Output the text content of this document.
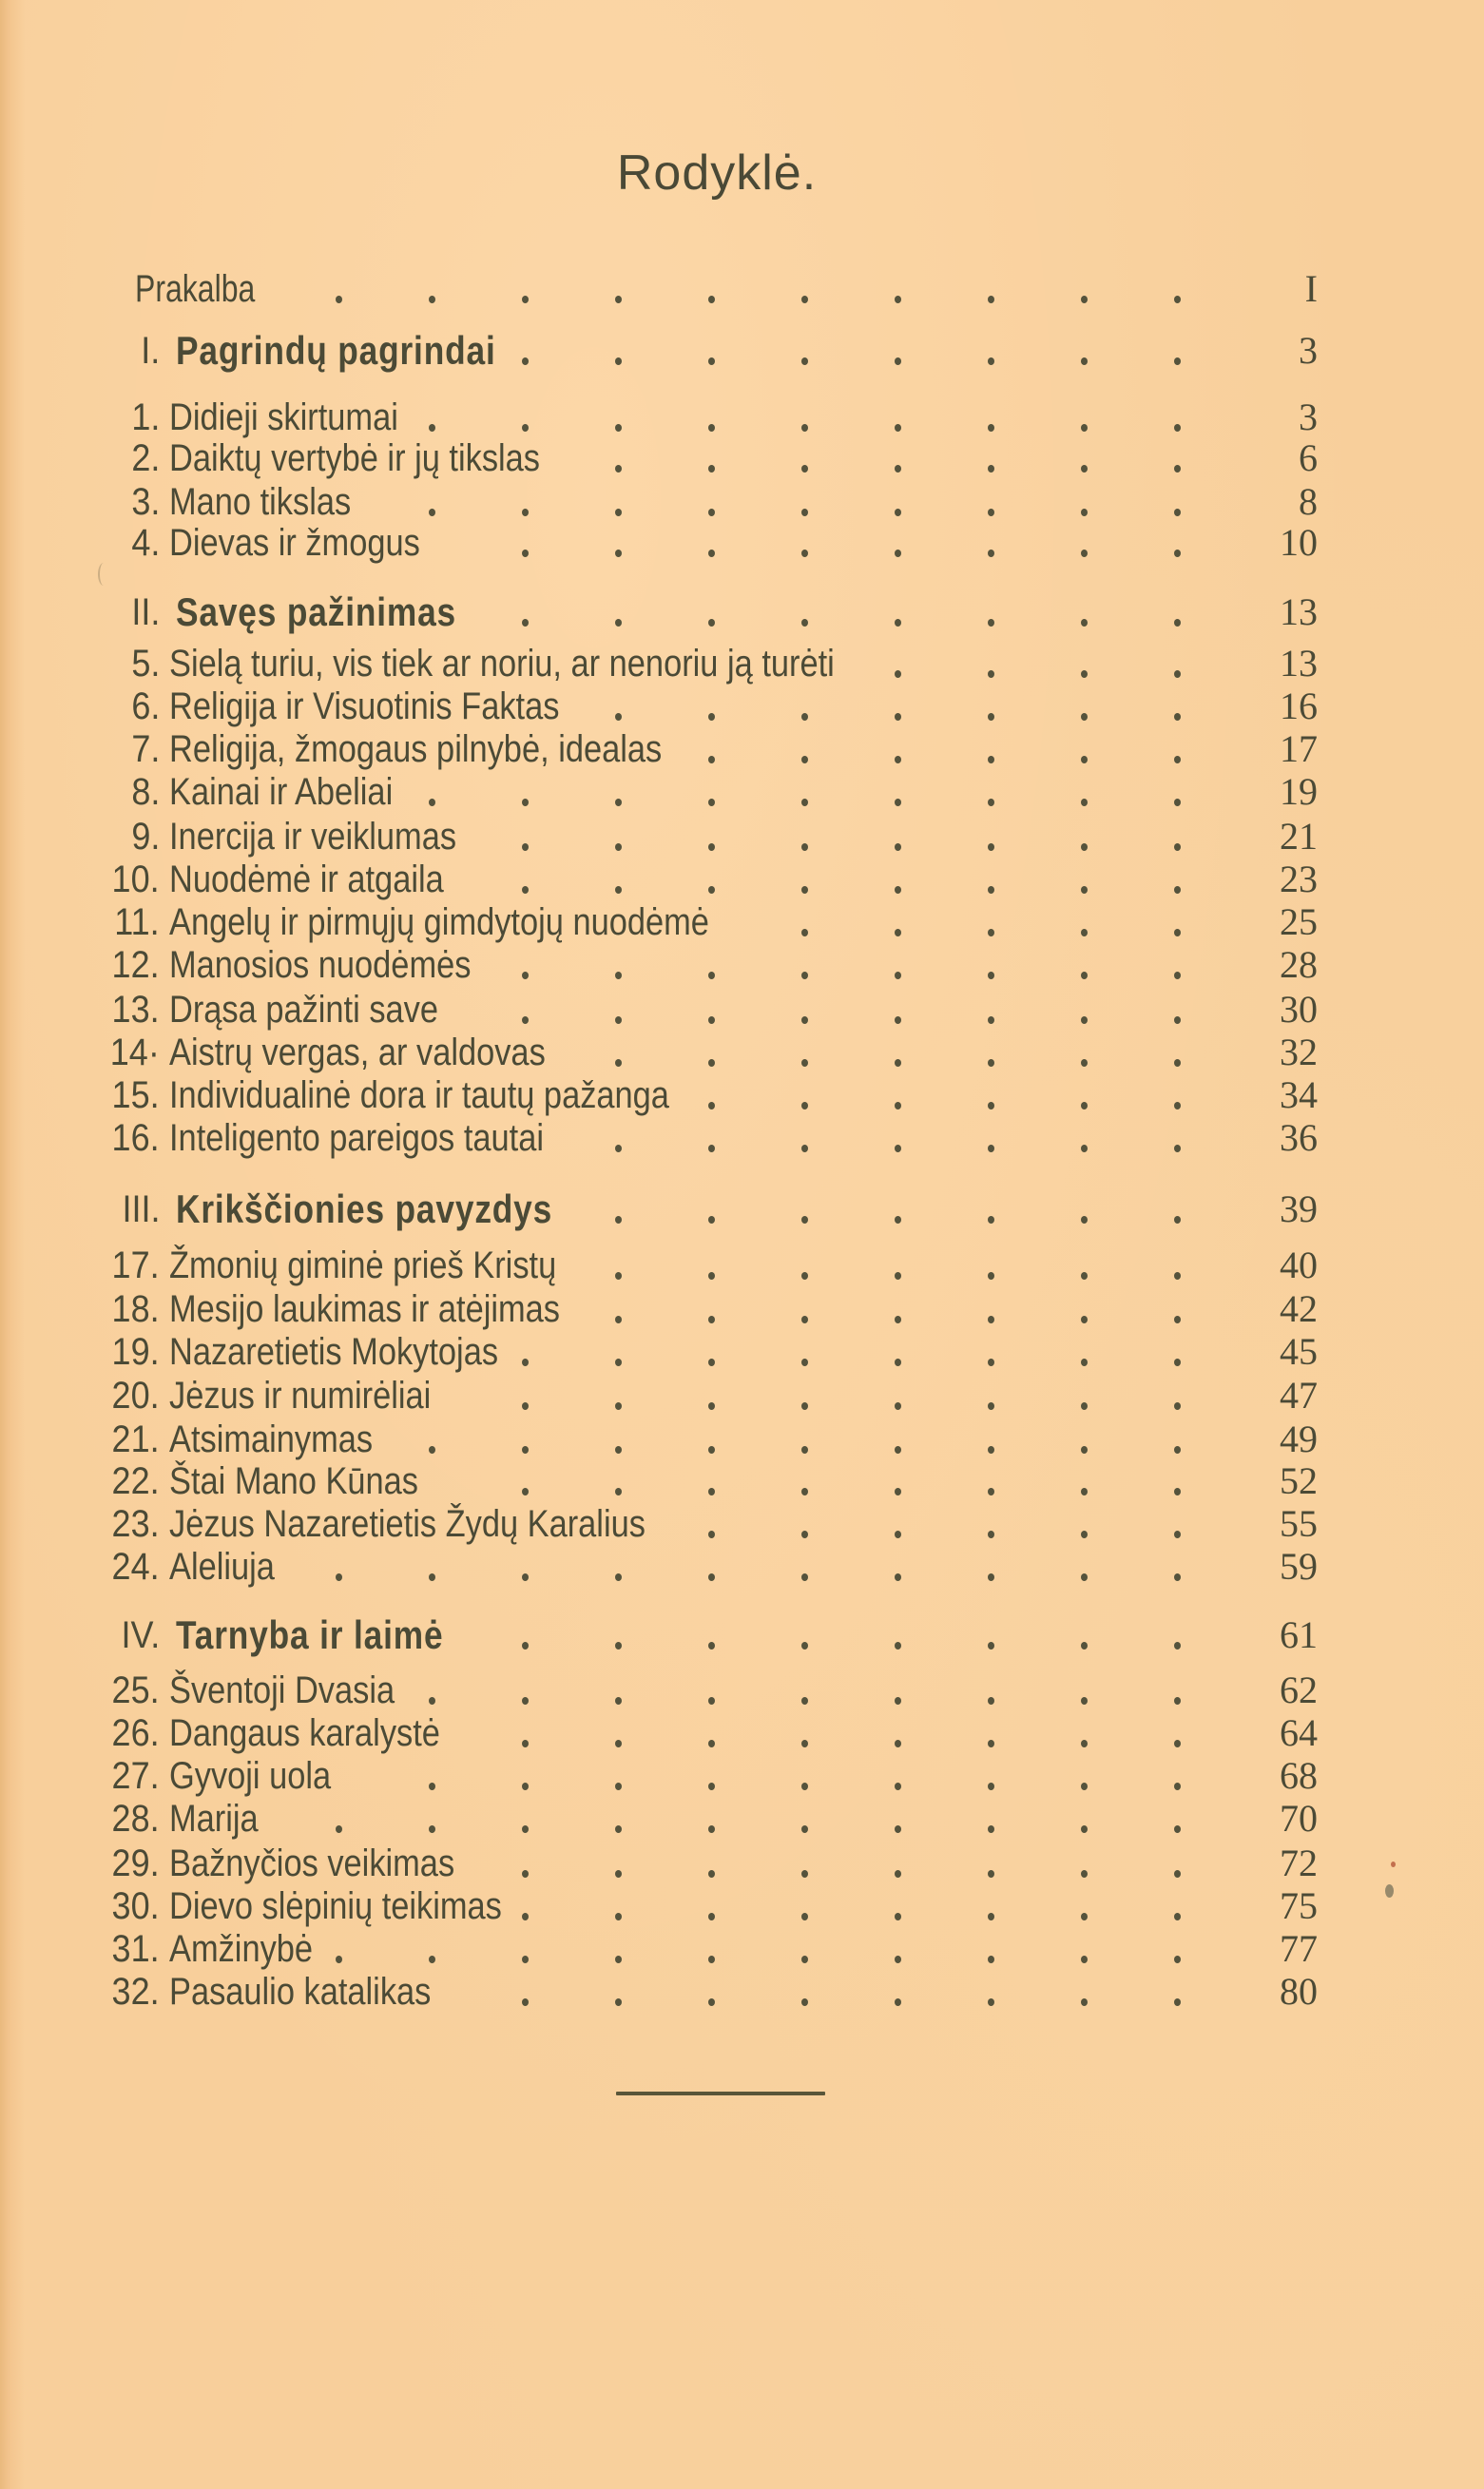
Rodyklė.
Prakalba	I
I. Pagrindų pagrindai	3
1. Didieji skirtumai	3
2. Daiktų vertybė ir jų tikslas	6
3. Mano tikslas	8
4. Dievas ir žmogus	10
II. Savęs pažinimas	13
5. Sielą turiu, vis tiek ar noriu, ar nenoriu ją turėti	13
6. Religija ir Visuotinis Faktas	16
7. Religija, žmogaus pilnybė, idealas	17
8. Kainai ir Abeliai	19
9. Inercija ir veiklumas	21
10. Nuodėmė ir atgaila	23
11. Angelų ir pirmųjų gimdytojų nuodėmė	25
12. Manosios nuodėmės	28
13. Drąsa pažinti save	30
14· Aistrų vergas, ar valdovas	32
15. Individualinė dora ir tautų pažanga	34
16. Inteligento pareigos tautai	36
III. Krikščionies pavyzdys	39
17. Žmonių giminė prieš Kristų	40
18. Mesijo laukimas ir atėjimas	42
19. Nazaretietis Mokytojas	45
20. Jėzus ir numirėliai	47
21. Atsimainymas	49
22. Štai Mano Kūnas	52
23. Jėzus Nazaretietis Žydų Karalius	55
24. Aleliuja	59
IV. Tarnyba ir laimė	61
25. Šventoji Dvasia	62
26. Dangaus karalystė	64
27. Gyvoji uola	68
28. Marija	70
29. Bažnyčios veikimas	72
30. Dievo slėpinių teikimas	75
31. Amžinybė	77
32. Pasaulio katalikas	80
